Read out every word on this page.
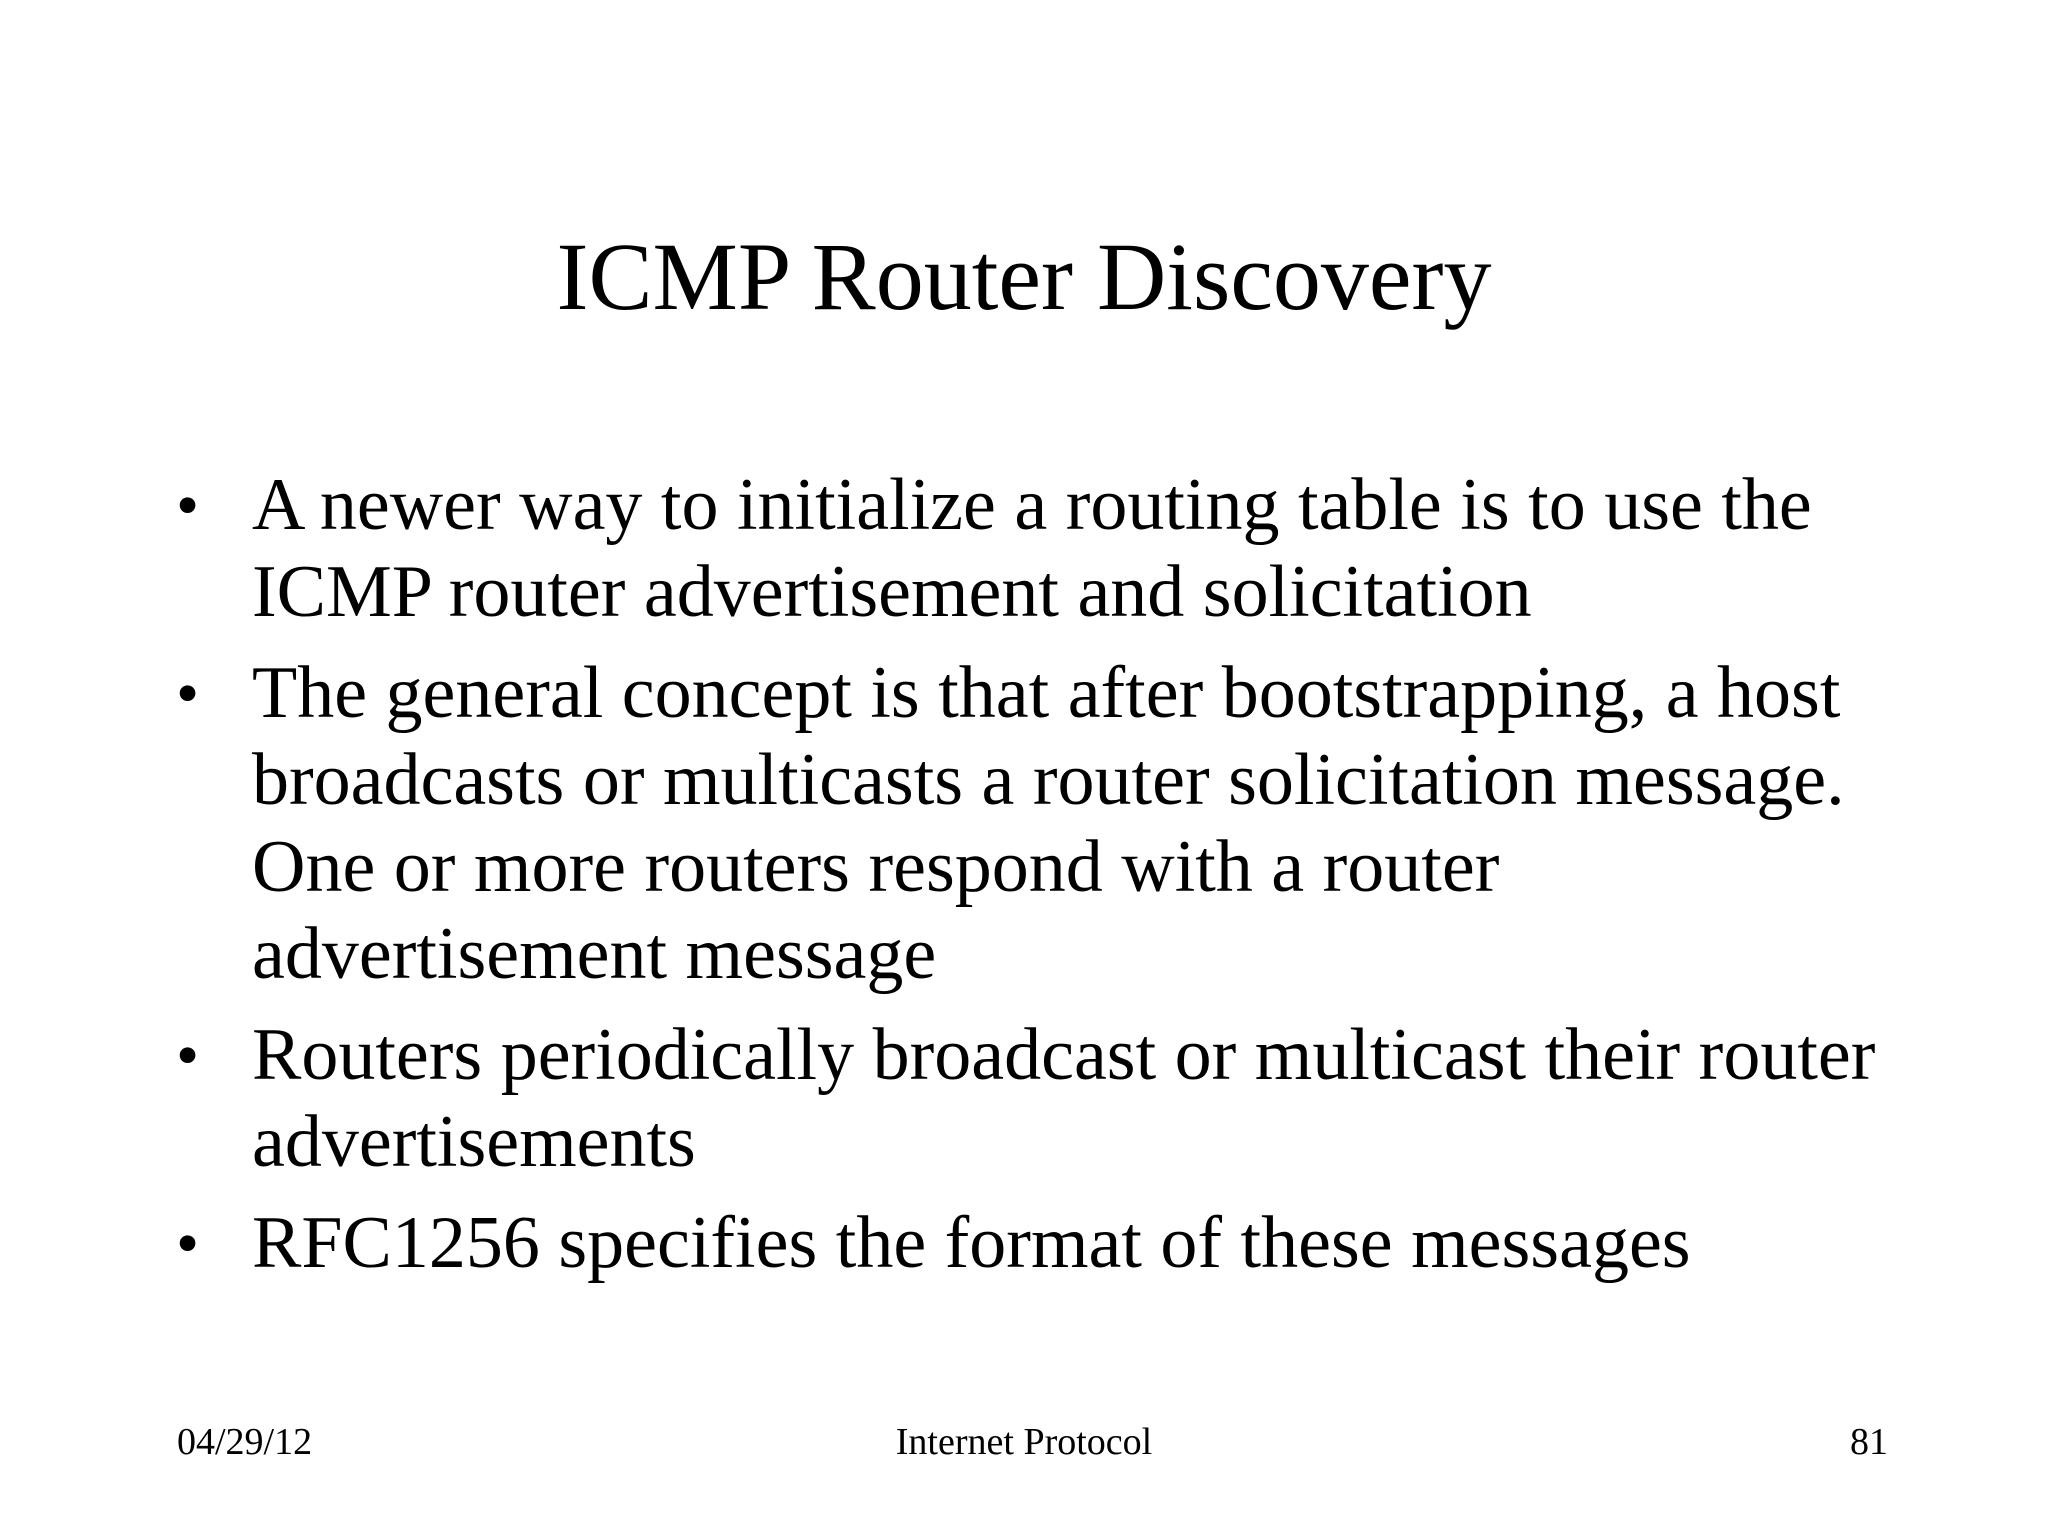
ICMP Router Discovery
• A newer way to initialize a routing table is to use the ICMP router advertisement and solicitation
• The general concept is that after bootstrapping, a host broadcasts or multicasts a router solicitation message. One or more routers respond with a router advertisement message
• Routers periodically broadcast or multicast their router advertisements
• RFC1256 specifies the format of these messages
04/29/12	Internet Protocol	81
